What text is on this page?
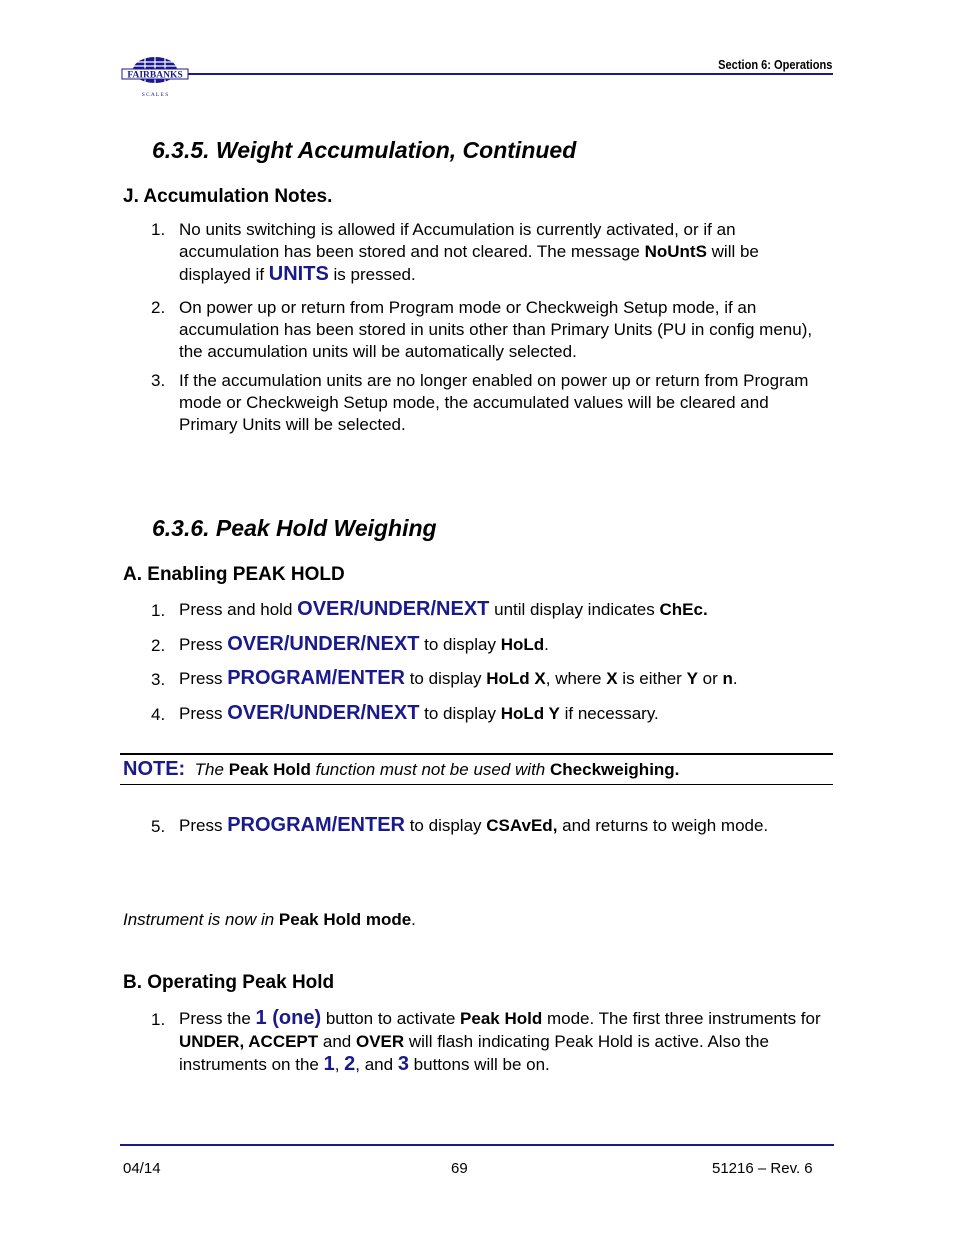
FAIRBANKS
S C A L E S
Section 6: Operations
6.3.5. Weight Accumulation, Continued
J. Accumulation Notes.
1. No units switching is allowed if Accumulation is currently activated, or if an accumulation has been stored and not cleared. The message NoUntS will be displayed if UNITS is pressed.
2. On power up or return from Program mode or Checkweigh Setup mode, if an accumulation has been stored in units other than Primary Units (PU in config menu), the accumulation units will be automatically selected.
3. If the accumulation units are no longer enabled on power up or return from Program mode or Checkweigh Setup mode, the accumulated values will be cleared and Primary Units will be selected.
6.3.6. Peak Hold Weighing
A. Enabling PEAK HOLD
1. Press and hold OVER/UNDER/NEXT until display indicates ChEc.
2. Press OVER/UNDER/NEXT to display HoLd.
3. Press PROGRAM/ENTER to display HoLd X, where X is either Y or n.
4. Press OVER/UNDER/NEXT to display HoLd Y if necessary.
NOTE: The Peak Hold function must not be used with Checkweighing.
5. Press PROGRAM/ENTER to display CSAvEd, and returns to weigh mode.
Instrument is now in Peak Hold mode.
B. Operating Peak Hold
1. Press the 1 (one) button to activate Peak Hold mode. The first three instruments for UNDER, ACCEPT and OVER will flash indicating Peak Hold is active. Also the instruments on the 1, 2, and 3 buttons will be on.
04/14	69	51216 – Rev. 6
